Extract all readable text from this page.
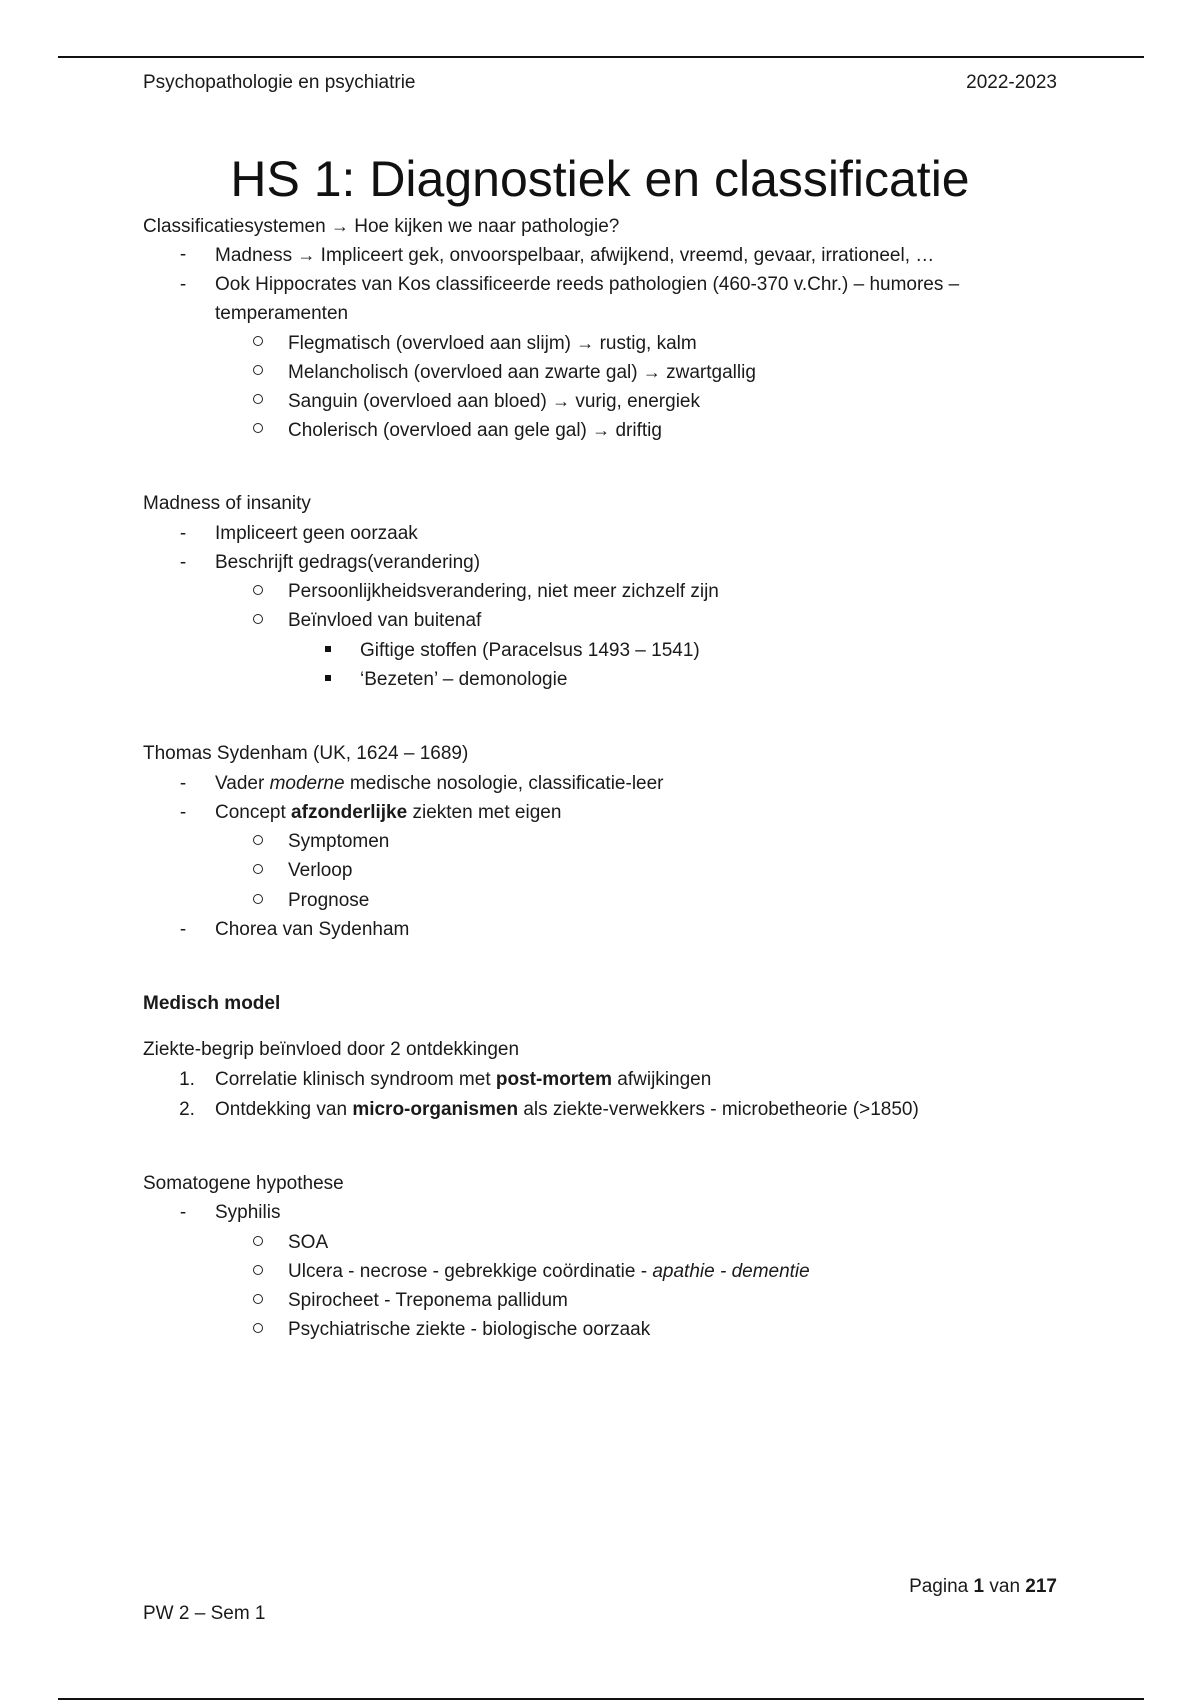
Psychopathologie en psychiatrie	2022-2023
HS 1: Diagnostiek en classificatie
Classificatiesystemen → Hoe kijken we naar pathologie?
-	Madness → Impliceert gek, onvoorspelbaar, afwijkend, vreemd, gevaar, irrationeel, …
-	Ook Hippocrates van Kos classificeerde reeds pathologien (460-370 v.Chr.) – humores –
temperamenten
Flegmatisch (overvloed aan slijm) → rustig, kalm
Melancholisch (overvloed aan zwarte gal) → zwartgallig
Sanguin (overvloed aan bloed) → vurig, energiek
Cholerisch (overvloed aan gele gal) → driftig
Madness of insanity
-	Impliceert geen oorzaak
-	Beschrijft gedrags(verandering)
Persoonlijkheidsverandering, niet meer zichzelf zijn
Beïnvloed van buitenaf
Giftige stoffen (Paracelsus 1493 – 1541)
‘Bezeten’ – demonologie
Thomas Sydenham (UK, 1624 – 1689)
-	Vader moderne medische nosologie, classificatie-leer
-	Concept afzonderlijke ziekten met eigen
Symptomen
Verloop
Prognose
-	Chorea van Sydenham
Medisch model
Ziekte-begrip beïnvloed door 2 ontdekkingen
1.	Correlatie klinisch syndroom met post-mortem afwijkingen
2.	Ontdekking van micro-organismen als ziekte-verwekkers - microbetheorie (>1850)
Somatogene hypothese
-	Syphilis
SOA
Ulcera - necrose - gebrekkige coördinatie - apathie - dementie
Spirocheet - Treponema pallidum
Psychiatrische ziekte - biologische oorzaak
Pagina 1 van 217
PW 2 – Sem 1
